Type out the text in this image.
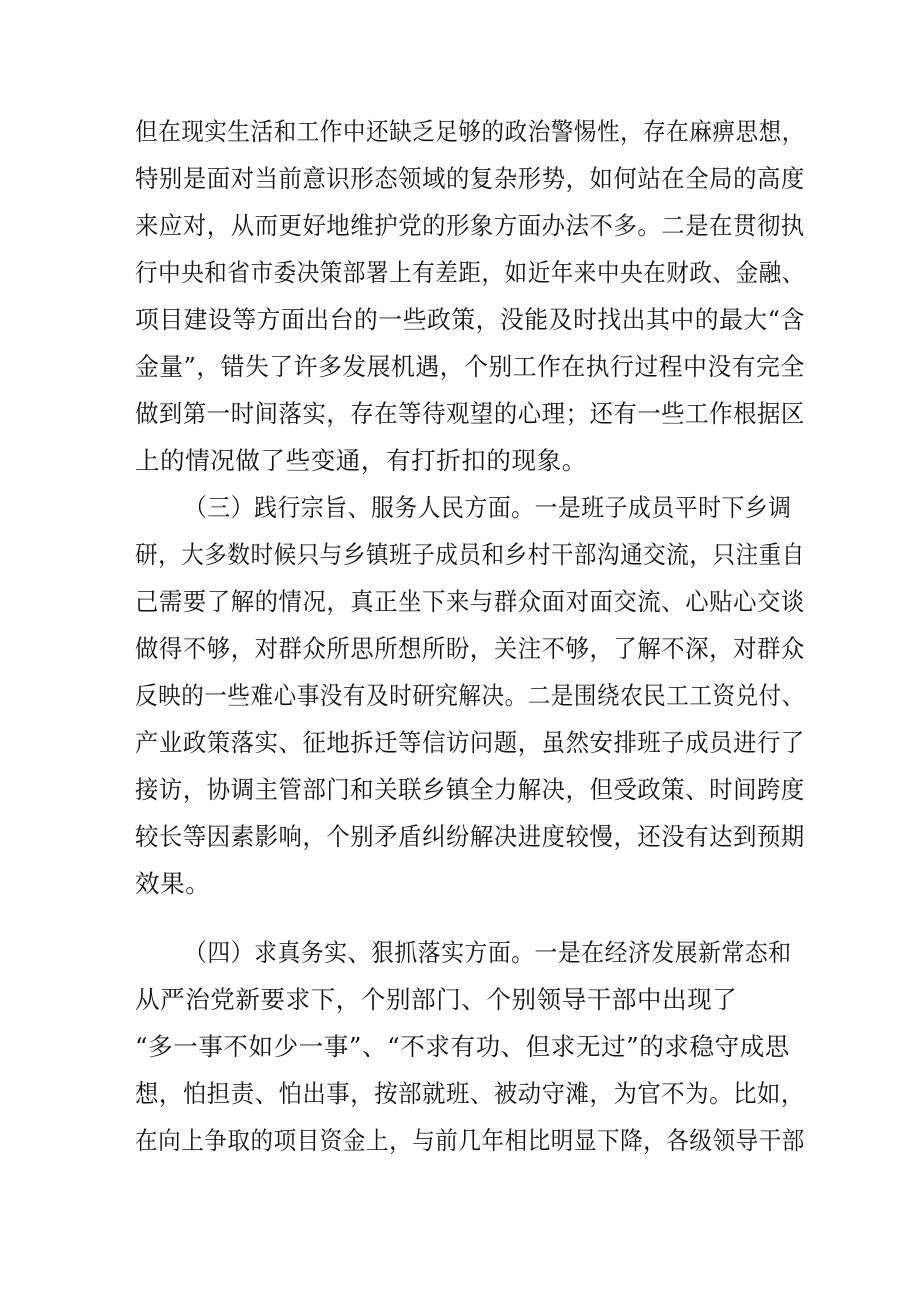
但在现实生活和工作中还缺乏足够的政治警惕性，存在麻痹思想，
特别是面对当前意识形态领域的复杂形势，如何站在全局的高度
来应对，从而更好地维护党的形象方面办法不多。二是在贯彻执
行中央和省市委决策部署上有差距，如近年来中央在财政、金融、
项目建设等方面出台的一些政策，没能及时找出其中的最大“含
金量”，错失了许多发展机遇，个别工作在执行过程中没有完全
做到第一时间落实，存在等待观望的心理；还有一些工作根据区
上的情况做了些变通，有打折扣的现象。
（三）践行宗旨、服务人民方面。一是班子成员平时下乡调
研，大多数时候只与乡镇班子成员和乡村干部沟通交流，只注重自
己需要了解的情况，真正坐下来与群众面对面交流、心贴心交谈
做得不够，对群众所思所想所盼，关注不够，了解不深，对群众
反映的一些难心事没有及时研究解决。二是围绕农民工工资兑付、
产业政策落实、征地拆迁等信访问题，虽然安排班子成员进行了
接访，协调主管部门和关联乡镇全力解决，但受政策、时间跨度
较长等因素影响，个别矛盾纠纷解决进度较慢，还没有达到预期
效果。
（四）求真务实、狠抓落实方面。一是在经济发展新常态和
从严治党新要求下，个别部门、个别领导干部中出现了
“多一事不如少一事”、“不求有功、但求无过”的求稳守成思
想，怕担责、怕出事，按部就班、被动守滩，为官不为。比如，
在向上争取的项目资金上，与前几年相比明显下降，各级领导干部
